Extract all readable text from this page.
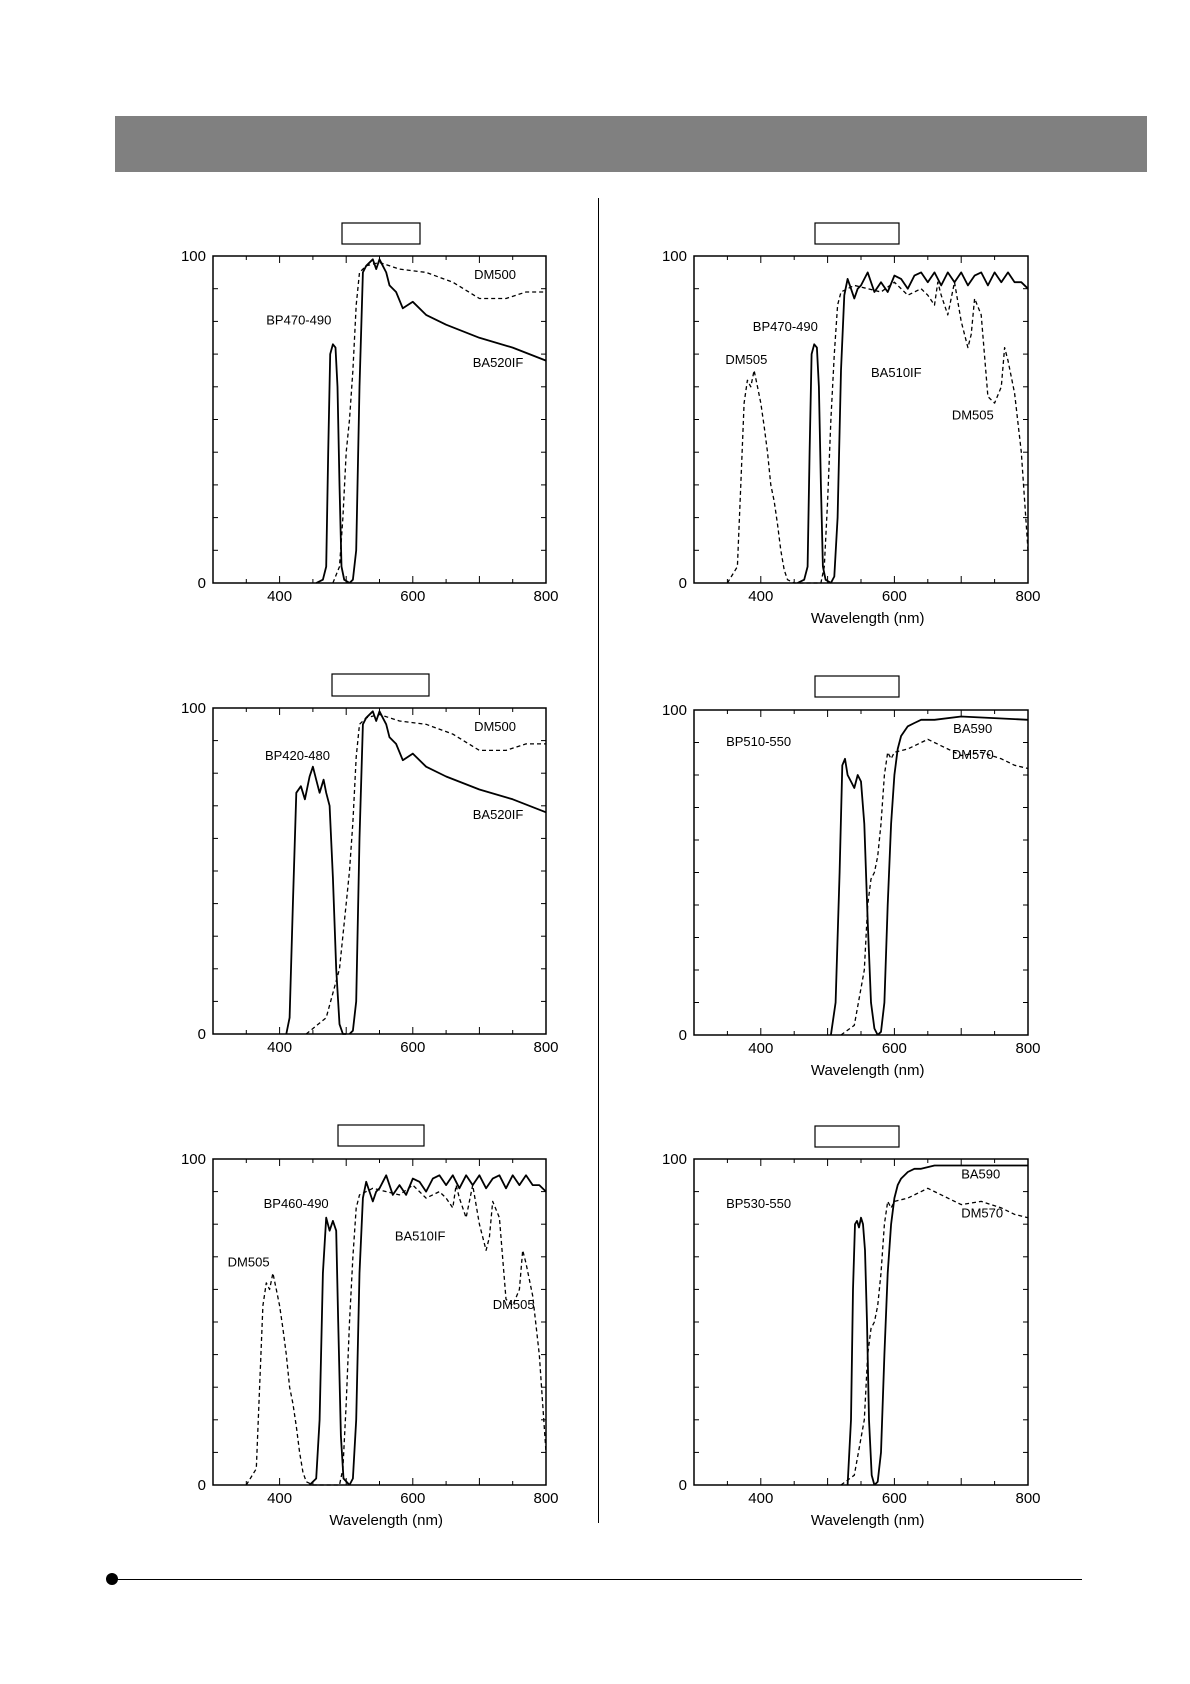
400	600	800
0
100
BP470-490
DM500
BA520IF
400	600	800
0
100
BP420-480
DM500
BA520IF
400	600	800
0
100
Wavelength (nm)
BP460-490
BA510IF
DM505
DM505
400	600	800
0
100
Wavelength (nm)
BP470-490
DM505
BA510IF
DM505
400	600	800
0
100
Wavelength (nm)
BP510-550
BA590
DM570
400	600	800
0
100
Wavelength (nm)
BP530-550
BA590
DM570
